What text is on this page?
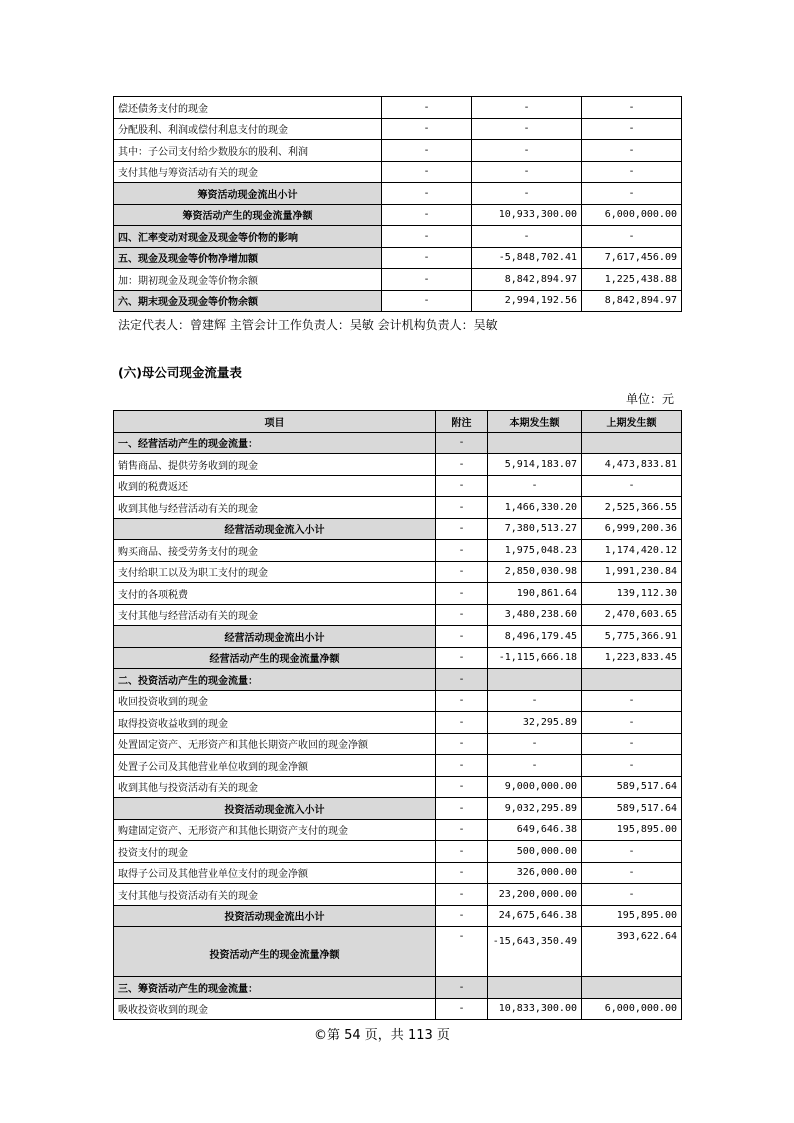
偿还债务支付的现金	-	-	-
分配股利、利润或偿付利息支付的现金	-	-	-
其中：子公司支付给少数股东的股利、利润	-	-	-
支付其他与筹资活动有关的现金	-	-	-
筹资活动现金流出小计	-	-	-
筹资活动产生的现金流量净额	-	10,933,300.00	6,000,000.00
四、汇率变动对现金及现金等价物的影响	-	-	-
五、现金及现金等价物净增加额	-	-5,848,702.41	7,617,456.09
加：期初现金及现金等价物余额	-	8,842,894.97	1,225,438.88
六、期末现金及现金等价物余额	-	2,994,192.56	8,842,894.97
法定代表人：曾建辉 主管会计工作负责人：吴敏 会计机构负责人：吴敏
(六)母公司现金流量表
单位：元
项目	附注	本期发生额	上期发生额
一、经营活动产生的现金流量：	-		
销售商品、提供劳务收到的现金	-	5,914,183.07	4,473,833.81
收到的税费返还	-	-	-
收到其他与经营活动有关的现金	-	1,466,330.20	2,525,366.55
经营活动现金流入小计	-	7,380,513.27	6,999,200.36
购买商品、接受劳务支付的现金	-	1,975,048.23	1,174,420.12
支付给职工以及为职工支付的现金	-	2,850,030.98	1,991,230.84
支付的各项税费	-	190,861.64	139,112.30
支付其他与经营活动有关的现金	-	3,480,238.60	2,470,603.65
经营活动现金流出小计	-	8,496,179.45	5,775,366.91
经营活动产生的现金流量净额	-	-1,115,666.18	1,223,833.45
二、投资活动产生的现金流量：	-		
收回投资收到的现金	-	-	-
取得投资收益收到的现金	-	32,295.89	-
处置固定资产、无形资产和其他长期资产收回的现金净额	-	-	-
处置子公司及其他营业单位收到的现金净额	-	-	-
收到其他与投资活动有关的现金	-	9,000,000.00	589,517.64
投资活动现金流入小计	-	9,032,295.89	589,517.64
购建固定资产、无形资产和其他长期资产支付的现金	-	649,646.38	195,895.00
投资支付的现金	-	500,000.00	-
取得子公司及其他营业单位支付的现金净额	-	326,000.00	-
支付其他与投资活动有关的现金	-	23,200,000.00	-
投资活动现金流出小计	-	24,675,646.38	195,895.00
投资活动产生的现金流量净额	-	-15,643,350.49	393,622.64
三、筹资活动产生的现金流量：	-		
吸收投资收到的现金	-	10,833,300.00	6,000,000.00
©第 54 页，共 113 页
